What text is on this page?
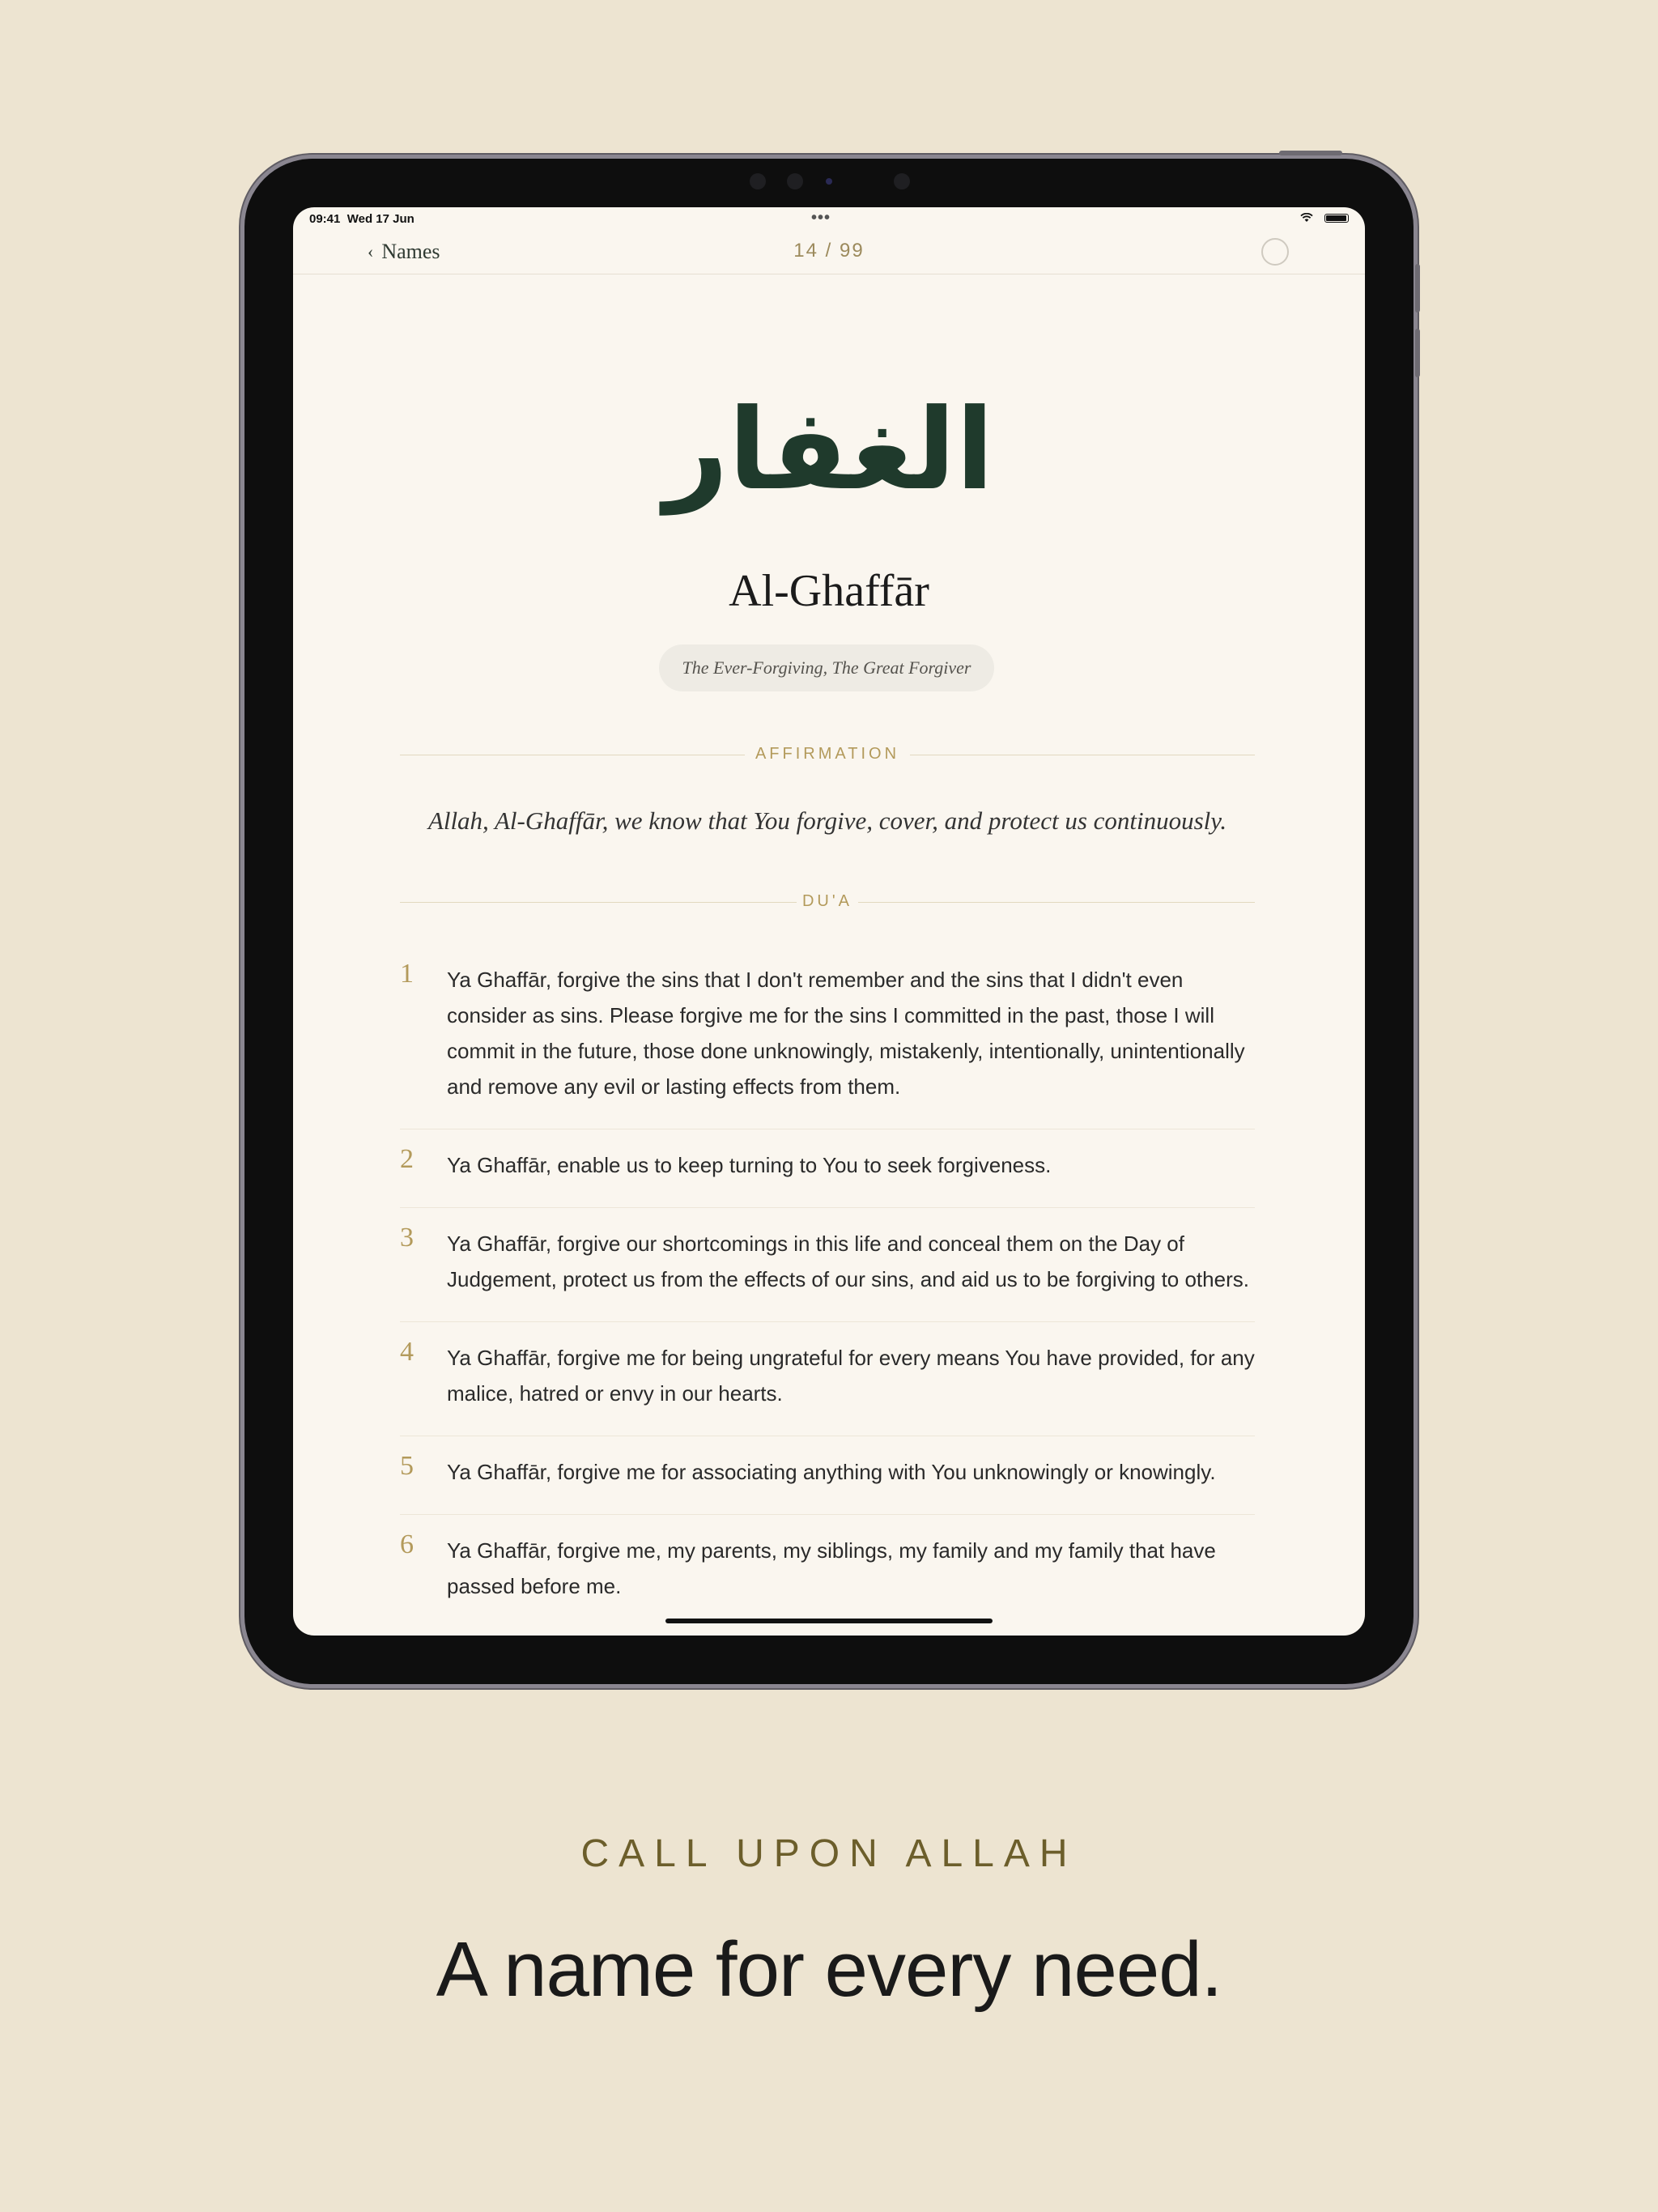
09:41 Wed 17 Jun	•••
‹ Names	14 / 99
الغفار
Al-Ghaffār
The Ever-Forgiving, The Great Forgiver
AFFIRMATION
Allah, Al-Ghaffār, we know that You forgive, cover, and protect us continuously.
DU'A
1 Ya Ghaffār, forgive the sins that I don't remember and the sins that I didn't even consider as sins. Please forgive me for the sins I committed in the past, those I will commit in the future, those done unknowingly, mistakenly, intentionally, unintentionally and remove any evil or lasting effects from them.
2 Ya Ghaffār, enable us to keep turning to You to seek forgiveness.
3 Ya Ghaffār, forgive our shortcomings in this life and conceal them on the Day of Judgement, protect us from the effects of our sins, and aid us to be forgiving to others.
4 Ya Ghaffār, forgive me for being ungrateful for every means You have provided, for any malice, hatred or envy in our hearts.
5 Ya Ghaffār, forgive me for associating anything with You unknowingly or knowingly.
6 Ya Ghaffār, forgive me, my parents, my siblings, my family and my family that have passed before me.
CALL UPON ALLAH
A name for every need.
